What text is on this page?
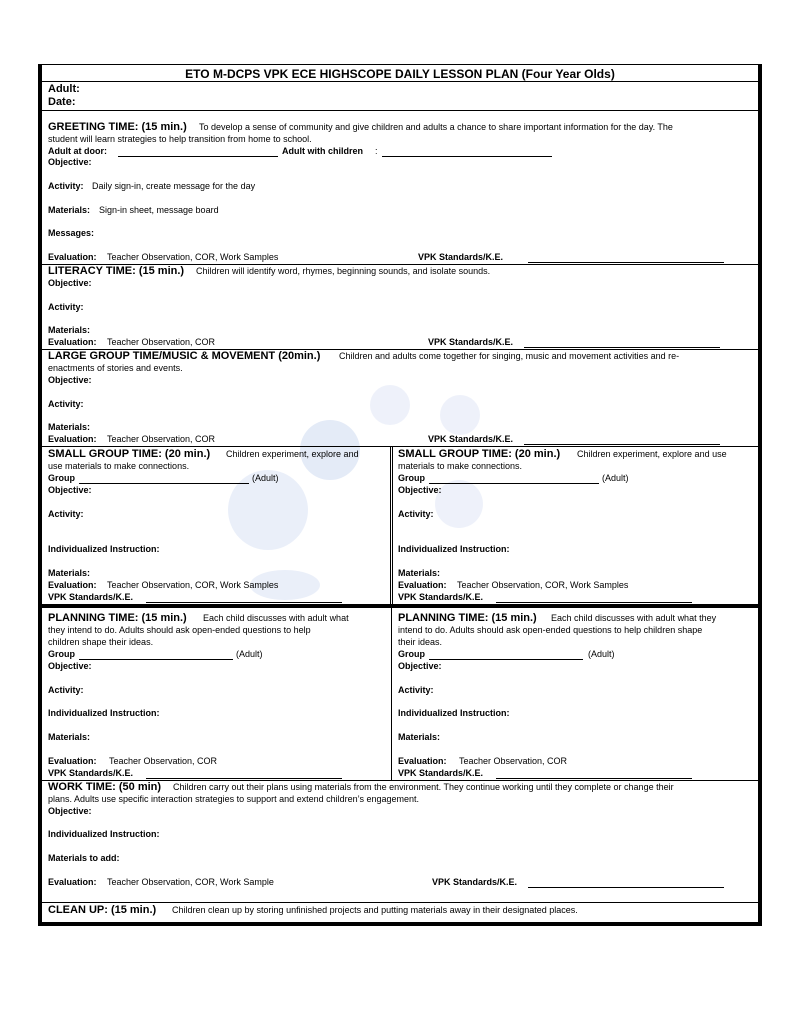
ETO M-DCPS VPK ECE HIGHSCOPE DAILY LESSON PLAN (Four Year Olds)
Adult:
Date:
GREETING TIME: (15 min.) To develop a sense of community and give children and adults a chance to share important information for the day. The
student will learn strategies to help transition from home to school.
Adult at door:	Adult with children :
Objective:
Activity: Daily sign-in, create message for the day
Materials: Sign-in sheet, message board
Messages:
Evaluation: Teacher Observation, COR, Work Samples	VPK Standards/K.E.
LITERACY TIME: (15 min.) Children will identify word, rhymes, beginning sounds, and isolate sounds.
Objective:
Activity:
Materials:
Evaluation: Teacher Observation, COR	VPK Standards/K.E.
LARGE GROUP TIME/MUSIC & MOVEMENT (20min.) Children and adults come together for singing, music and movement activities and re-
enactments of stories and events.
Objective:
Activity:
Materials:
Evaluation: Teacher Observation, COR	VPK Standards/K.E.
SMALL GROUP TIME: (20 min.) Children experiment, explore and
use materials to make connections.
Group	(Adult)
Objective:
Activity:
Individualized Instruction:
Materials:
Evaluation: Teacher Observation, COR, Work Samples
VPK Standards/K.E.
SMALL GROUP TIME: (20 min.) Children experiment, explore and use
materials to make connections.
Group	(Adult)
Objective:
Activity:
Individualized Instruction:
Materials:
Evaluation: Teacher Observation, COR, Work Samples
VPK Standards/K.E.
PLANNING TIME: (15 min.) Each child discusses with adult what
they intend to do. Adults should ask open-ended questions to help
children shape their ideas.
Group	(Adult)
Objective:
Activity:
Individualized Instruction:
Materials:
Evaluation: Teacher Observation, COR
VPK Standards/K.E.
PLANNING TIME: (15 min.) Each child discusses with adult what they
intend to do. Adults should ask open-ended questions to help children shape
their ideas.
Group	(Adult)
Objective:
Activity:
Individualized Instruction:
Materials:
Evaluation: Teacher Observation, COR
VPK Standards/K.E.
WORK TIME: (50 min) Children carry out their plans using materials from the environment. They continue working until they complete or change their
plans. Adults use specific interaction strategies to support and extend children’s engagement.
Objective:
Individualized Instruction:
Materials to add:
Evaluation: Teacher Observation, COR, Work Sample	VPK Standards/K.E.
CLEAN UP: (15 min.) Children clean up by storing unfinished projects and putting materials away in their designated places.
